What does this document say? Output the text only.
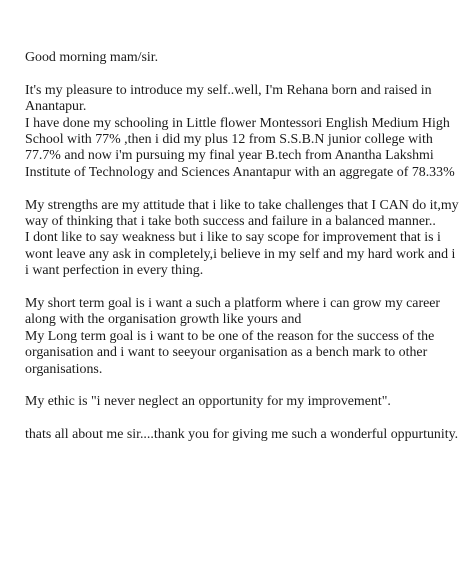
Good morning mam/sir.
It's my pleasure to introduce my self..well, I'm Rehana born and raised in
Anantapur.
I have done my schooling in Little flower Montessori English Medium High
School with 77% ,then i did my plus 12 from S.S.B.N junior college with
77.7% and now i'm pursuing my final year B.tech from Anantha Lakshmi
Institute of Technology and Sciences Anantapur with an aggregate of 78.33%
My strengths are my attitude that i like to take challenges that I CAN do it,my
way of thinking that i take both success and failure in a balanced manner..
I dont like to say weakness but i like to say scope for improvement that is i
wont leave any ask in completely,i believe in my self and my hard work and i
i want perfection in every thing.
My short term goal is i want a such a platform where i can grow my career
along with the organisation growth like yours and
My Long term goal is i want to be one of the reason for the success of the
organisation and i want to seeyour organisation as a bench mark to other
organisations.
My ethic is "i never neglect an opportunity for my improvement".
thats all about me sir....thank you for giving me such a wonderful oppurtunity.
